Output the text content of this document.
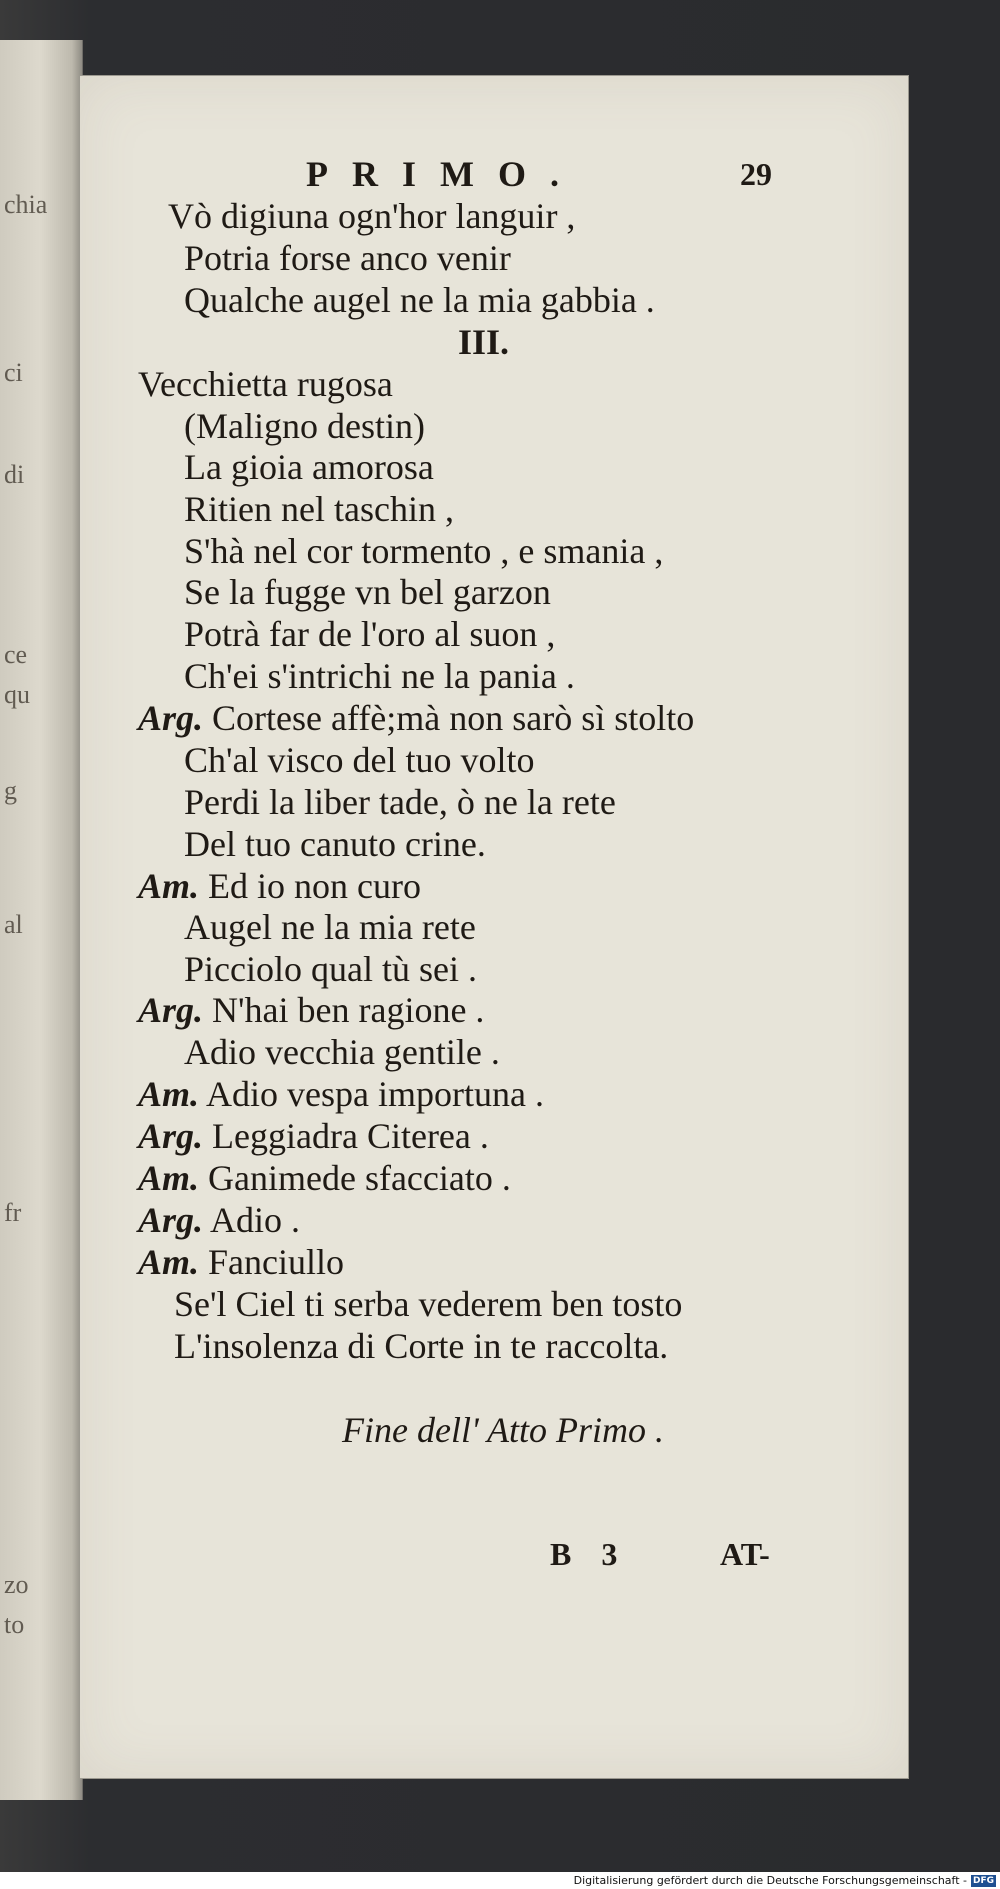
chia
ci
di
ce
qu
g
al
fr
zo
to
PRIMO.	29
Vò digiuna ogn'hor languir ,
Potria forse anco venir
Qualche augel ne la mia gabbia .
III.
Vecchietta rugosa
(Maligno destin)
La gioia amorosa
Ritien nel taschin ,
S'hà nel cor tormento , e smania ,
Se la fugge vn bel garzon
Potrà far de l'oro al suon ,
Ch'ei s'intrichi ne la pania .
Arg. Cortese affè;mà non sarò sì stolto
Ch'al visco del tuo volto
Perdi la liber tade, ò ne la rete
Del tuo canuto crine.
Am. Ed io non curo
Augel ne la mia rete
Picciolo qual tù sei .
Arg. N'hai ben ragione .
Adio vecchia gentile .
Am. Adio vespa importuna .
Arg. Leggiadra Citerea .
Am. Ganimede sfacciato .
Arg. Adio .
Am. Fanciullo
Se'l Ciel ti serba vederem ben tosto
L'insolenza di Corte in te raccolta.
Fine dell' Atto Primo .
B 3	AT-
Digitalisierung gefördert durch die Deutsche Forschungsgemeinschaft - DFG
